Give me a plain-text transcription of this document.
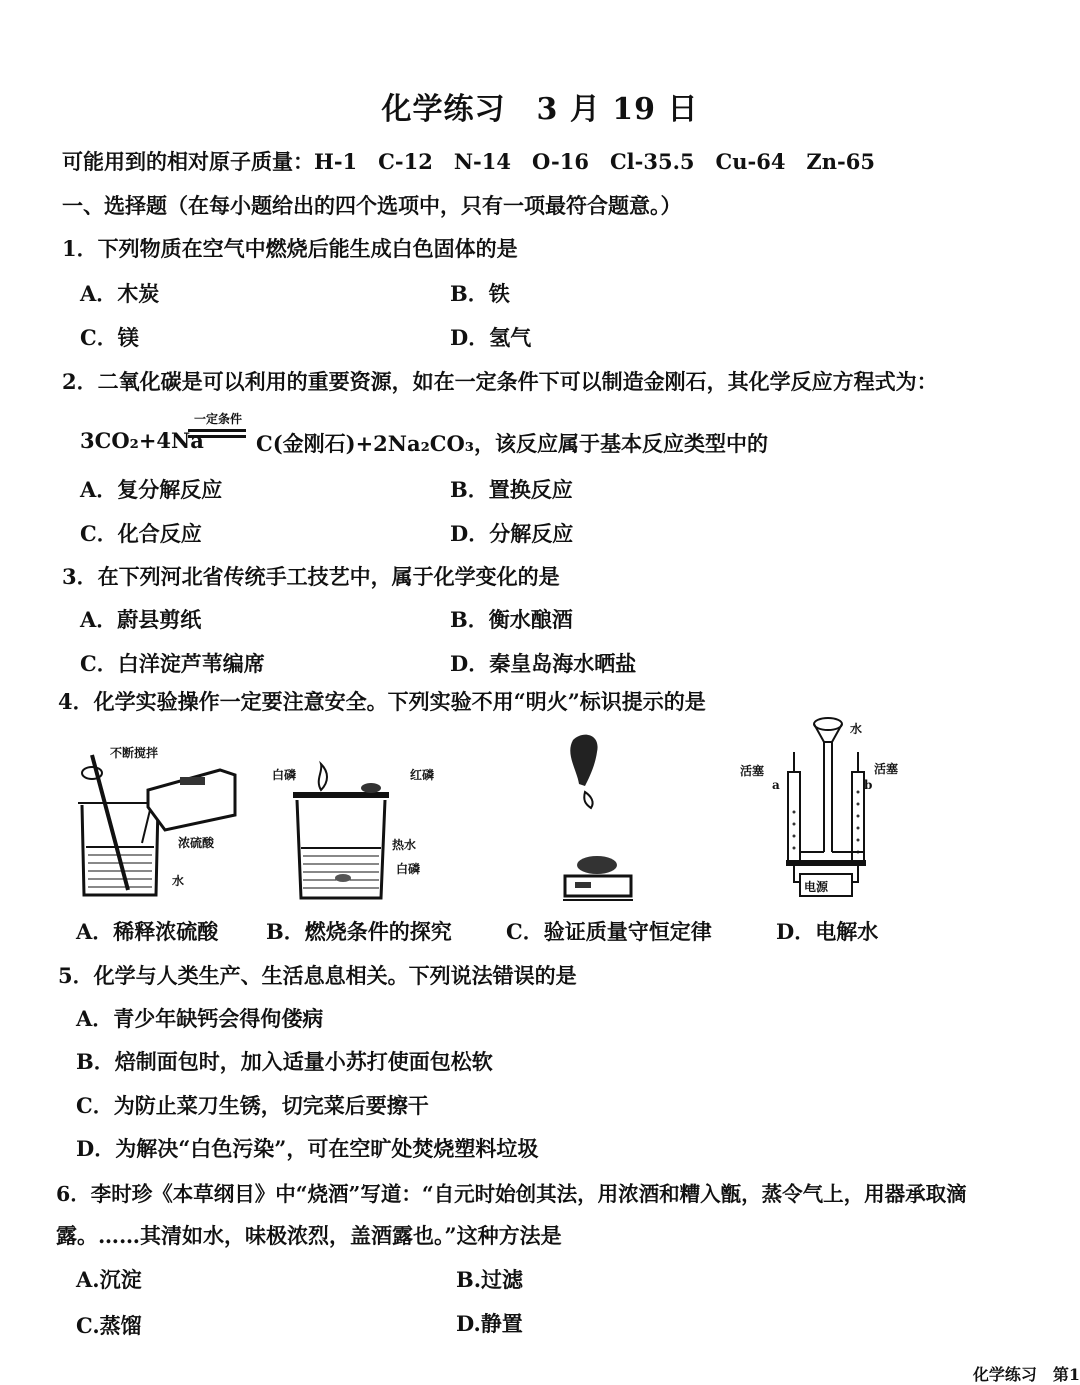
化学练习　3 月 19 日
可能用到的相对原子质量：H-1　C-12　N-14　O-16　Cl-35.5　Cu-64　Zn-65
一、选择题（在每小题给出的四个选项中，只有一项最符合题意。）
1．下列物质在空气中燃烧后能生成白色固体的是
A．木炭	B．铁
C．镁	D．氢气
2．二氧化碳是可以利用的重要资源，如在一定条件下可以制造金刚石，其化学反应方程式为：
3CO₂+4Na
一定条件
C(金刚石)+2Na₂CO₃，该反应属于基本反应类型中的
A．复分解反应	B．置换反应
C．化合反应	D．分解反应
3．在下列河北省传统手工技艺中，属于化学变化的是
A．蔚县剪纸	B．衡水酿酒
C．白洋淀芦苇编席	D．秦皇岛海水晒盐
4．化学实验操作一定要注意安全。下列实验不用“明火”标识提示的是
不断搅拌
浓硫酸
水
白磷	红磷
热水
白磷
水
活塞	活塞
a	b
电源
A．稀释浓硫酸 B．燃烧条件的探究	C．验证质量守恒定律	D．电解水
5．化学与人类生产、生活息息相关。下列说法错误的是
A．青少年缺钙会得佝偻病
B．焙制面包时，加入适量小苏打使面包松软
C．为防止菜刀生锈，切完菜后要擦干
D．为解决“白色污染”，可在空旷处焚烧塑料垃圾
6．李时珍《本草纲目》中“烧酒”写道：“自元时始创其法，用浓酒和糟入甑，蒸令气上，用器承取滴
露。……其清如水，味极浓烈，盖酒露也。”这种方法是
A.沉淀	B.过滤
C.蒸馏	D.静置
化学练习　第1
